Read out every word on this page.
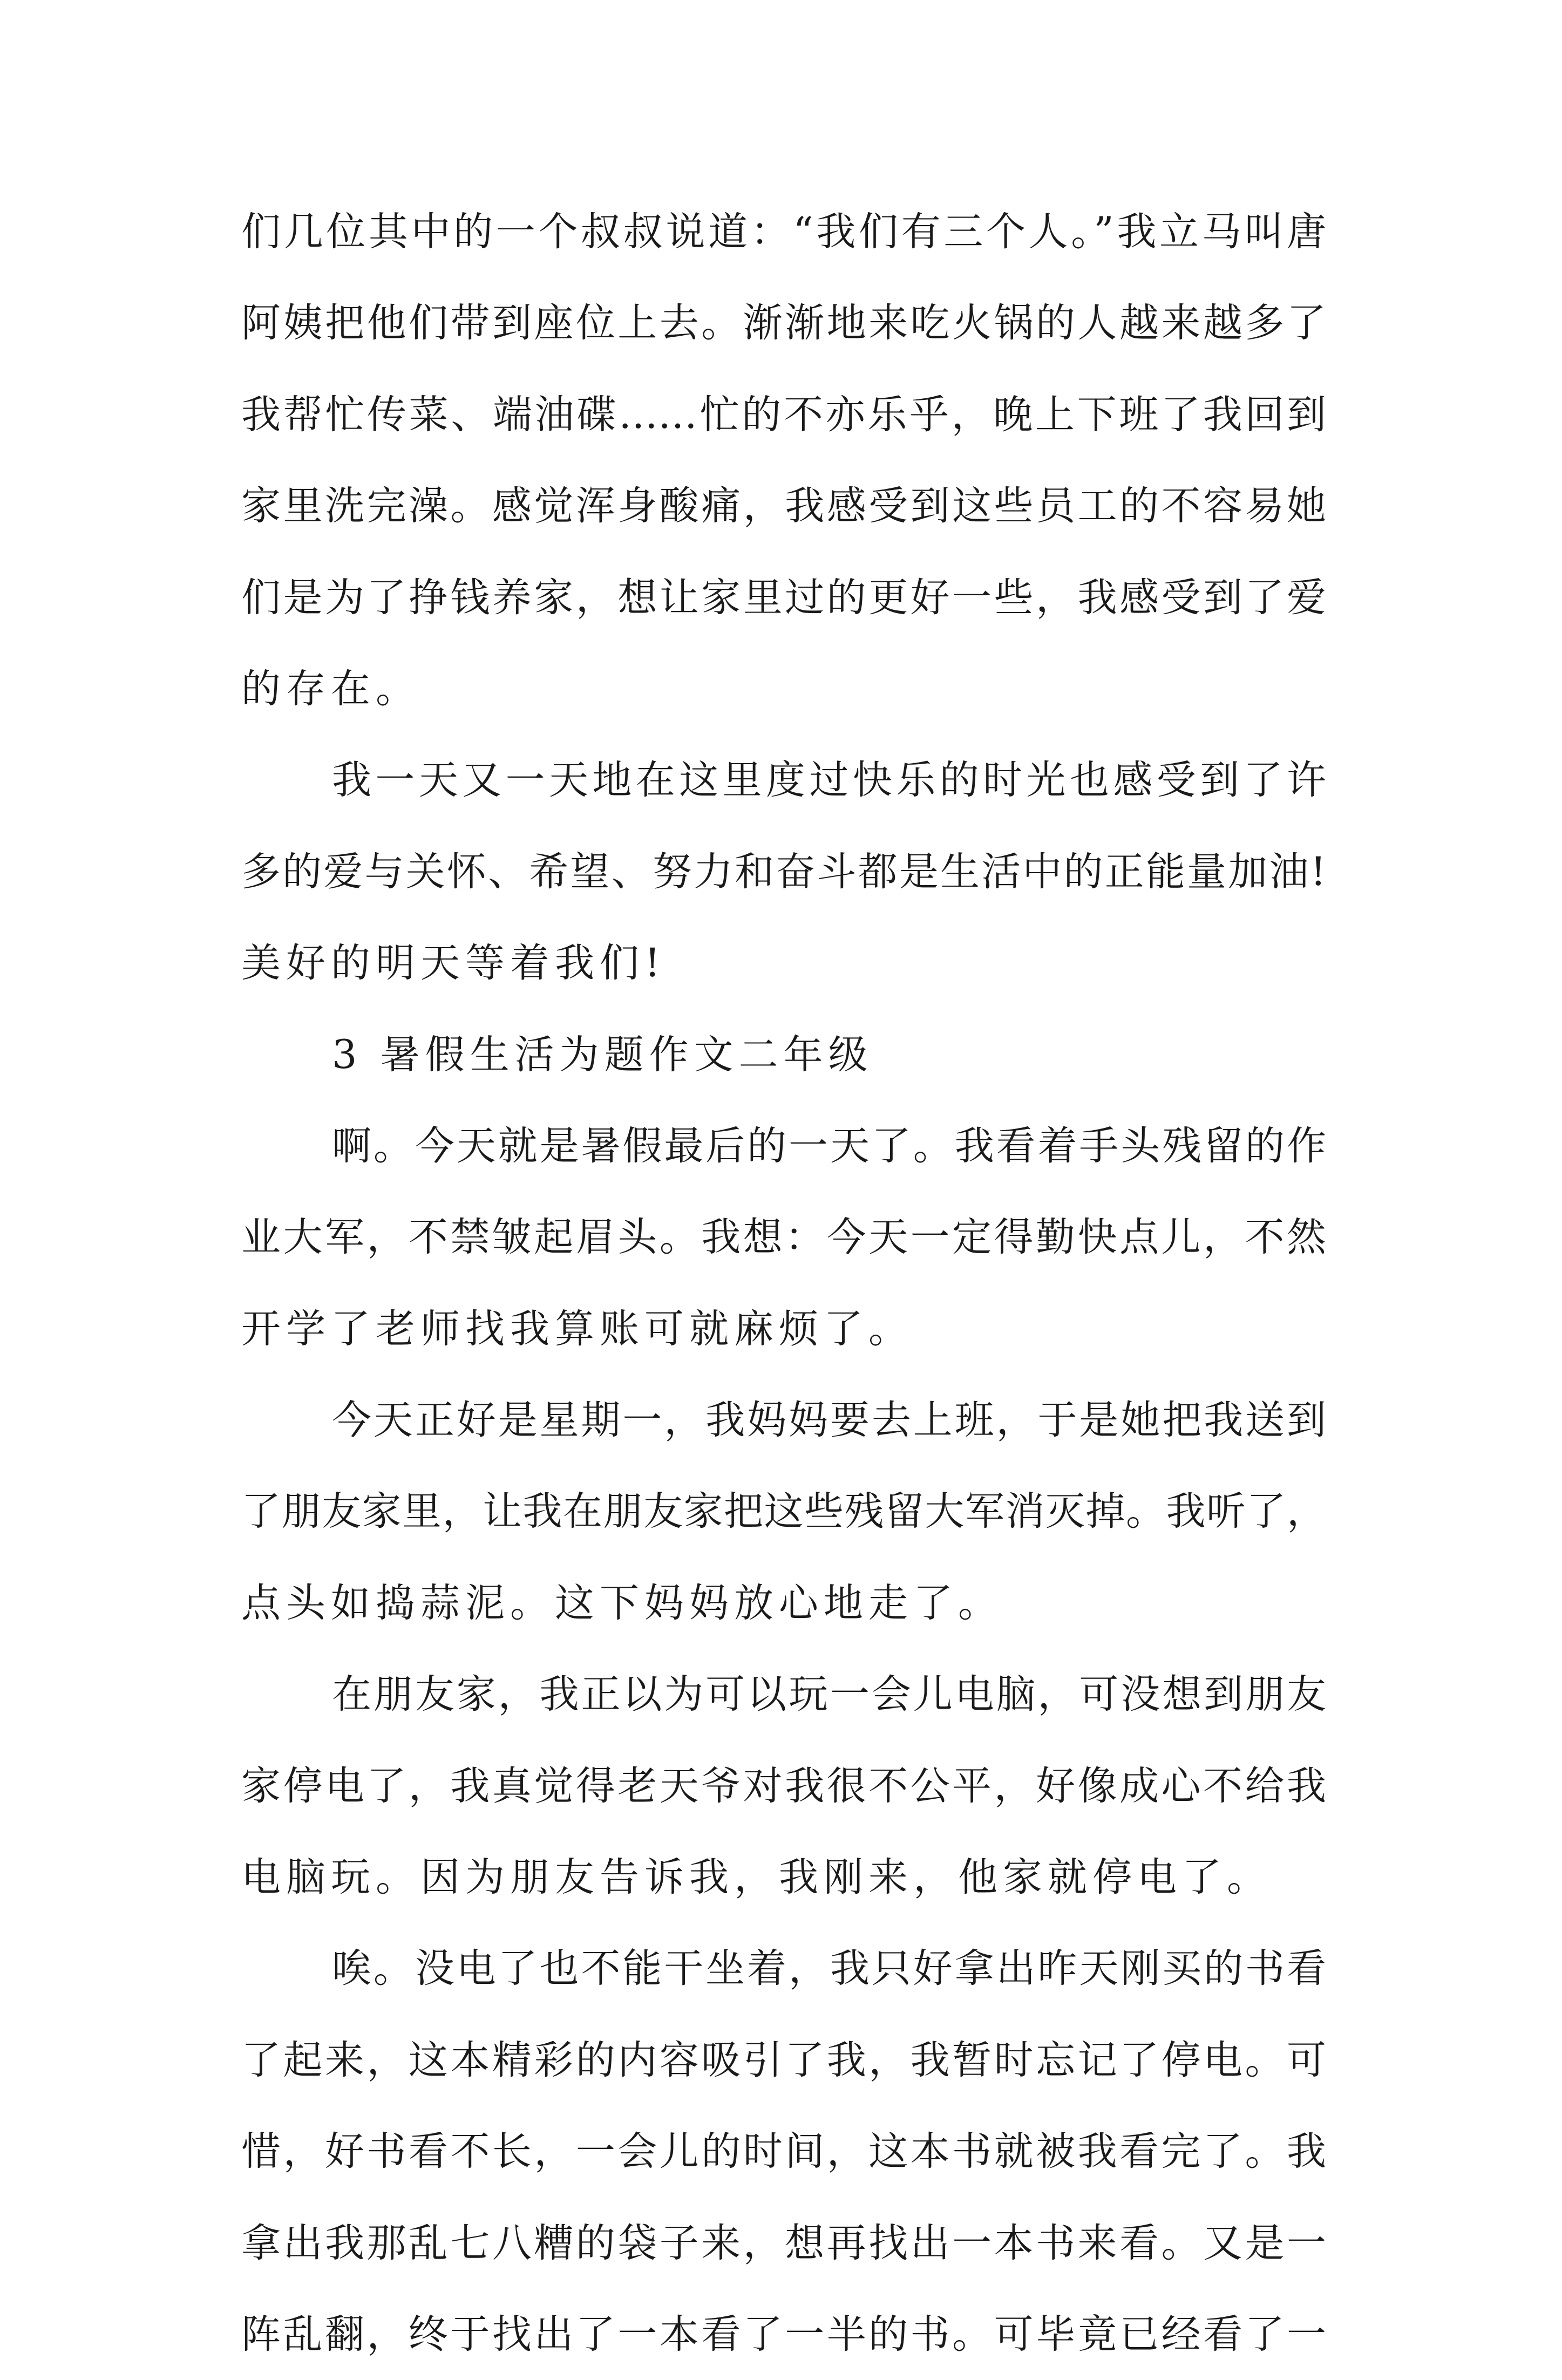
们几位其中的一个叔叔说道：“我们有三个人。”我立马叫唐
阿姨把他们带到座位上去。渐渐地来吃火锅的人越来越多了
我帮忙传菜、端油碟……忙的不亦乐乎，晚上下班了我回到
家里洗完澡。感觉浑身酸痛，我感受到这些员工的不容易她
们是为了挣钱养家，想让家里过的更好一些，我感受到了爱
的存在。
我一天又一天地在这里度过快乐的时光也感受到了许
多的爱与关怀、希望、努力和奋斗都是生活中的正能量加油!
美好的明天等着我们!
3 暑假生活为题作文二年级
啊。今天就是暑假最后的一天了。我看着手头残留的作
业大军，不禁皱起眉头。我想：今天一定得勤快点儿，不然
开学了老师找我算账可就麻烦了。
今天正好是星期一，我妈妈要去上班，于是她把我送到
了朋友家里，让我在朋友家把这些残留大军消灭掉。我听了，
点头如捣蒜泥。这下妈妈放心地走了。
在朋友家，我正以为可以玩一会儿电脑，可没想到朋友
家停电了，我真觉得老天爷对我很不公平，好像成心不给我
电脑玩。因为朋友告诉我，我刚来，他家就停电了。
唉。没电了也不能干坐着，我只好拿出昨天刚买的书看
了起来，这本精彩的内容吸引了我，我暂时忘记了停电。可
惜，好书看不长，一会儿的时间，这本书就被我看完了。我
拿出我那乱七八糟的袋子来，想再找出一本书来看。又是一
阵乱翻，终于找出了一本看了一半的书。可毕竟已经看了一
